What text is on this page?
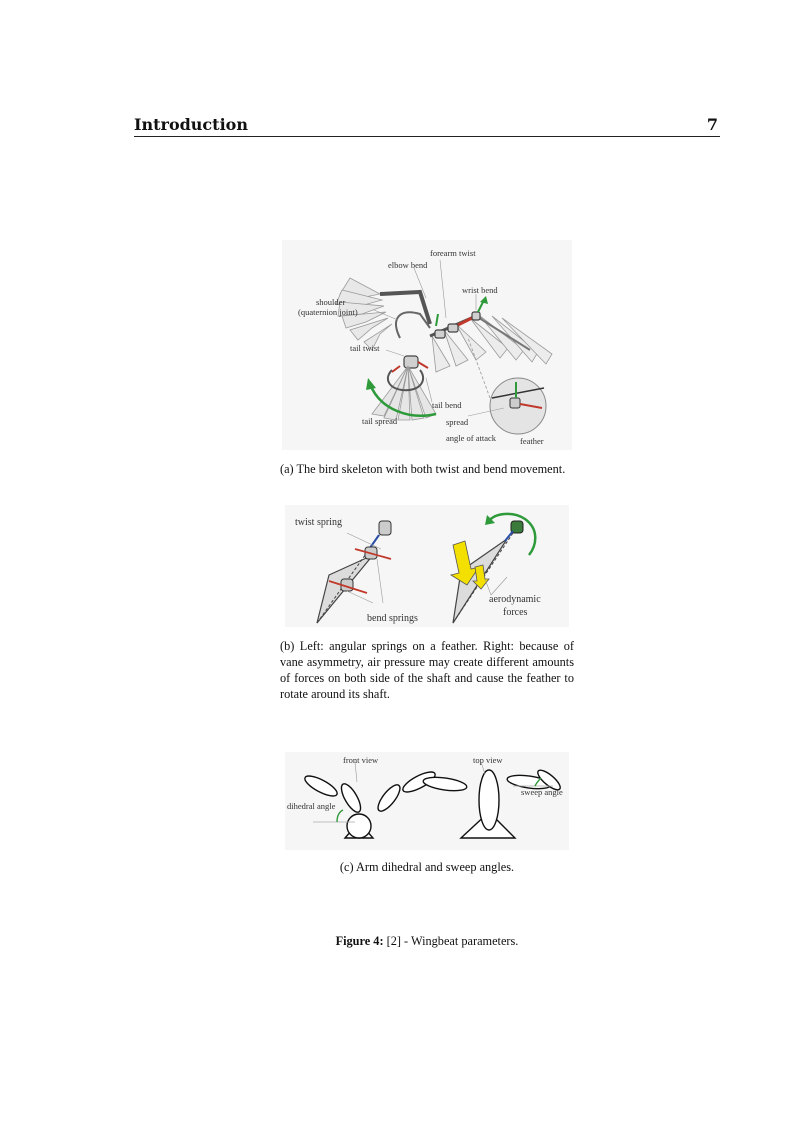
Introduction	7
forearm twist
elbow bend
wrist bend
shoulder
(quaternion joint)
tail twist
tail bend
tail spread	spread
angle of attack	feather
(a) The bird skeleton with both twist and bend movement.
twist spring
bend springs
aerodynamic
forces
(b) Left: angular springs on a feather. Right: because of vane asymmetry, air pressure may create different amounts of forces on both side of the shaft and cause the feather to rotate around its shaft.
front view	top view
dihedral angle
sweep angle
(c) Arm dihedral and sweep angles.
Figure 4: [2] - Wingbeat parameters.
